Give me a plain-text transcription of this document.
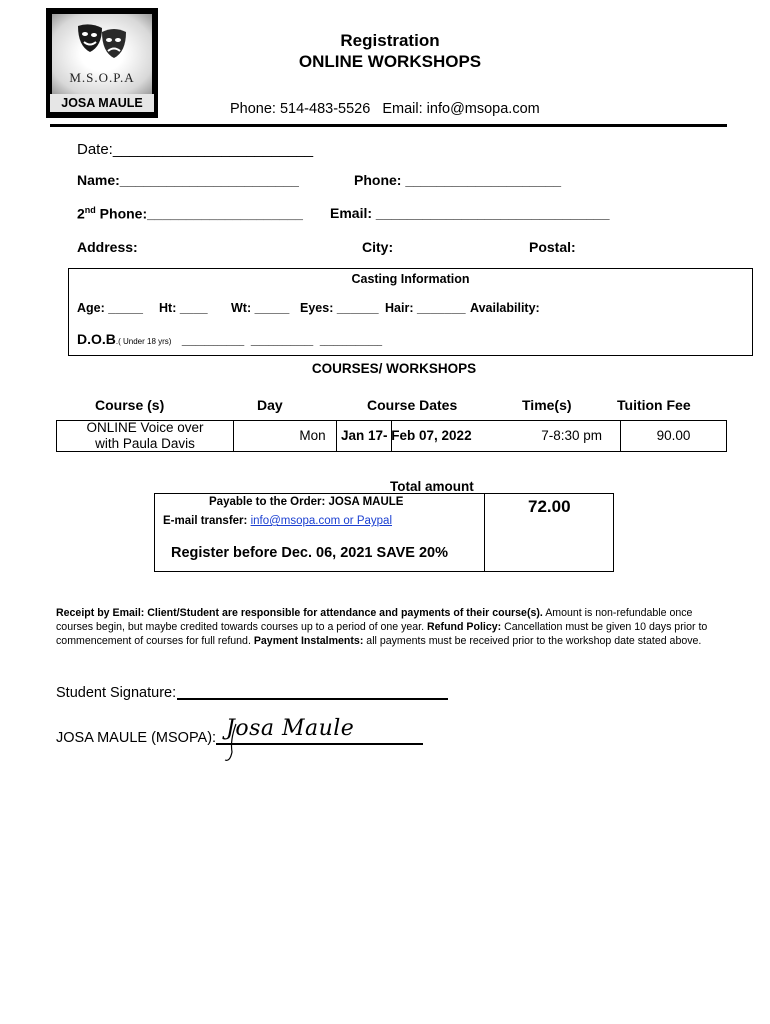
M.S.O.P.A
JOSA MAULE
Registration
ONLINE WORKSHOPS
Phone: 514-483-5526   Email: info@msopa.com
Date:________________________
Name:_______________________	Phone: ____________________
2nd Phone:____________________ Email: ______________________________
Address:	City:	Postal:
Casting Information
Age: _____ Ht: ____ Wt: _____ Eyes: ______ Hair: _______ Availability:
D.O.B.( Under 18 yrs) ______________   ______________   ______________
COURSES/ WORKSHOPS
Course (s)	Day	Course Dates	Time(s)	Tuition Fee
ONLINE Voice over
with Paula Davis
Mon	Jan 17- Feb 07, 2022	7-8:30 pm	90.00
Total amount
Payable to the Order: JOSA MAULE
E-mail transfer: info@msopa.com or Paypal
Register before Dec. 06, 2021 SAVE 20%
72.00
Receipt by Email: Client/Student are responsible for attendance and payments of their course(s). Amount is non-refundable once courses begin, but maybe credited towards courses up to a period of one year. Refund Policy: Cancellation must be given 10 days prior to commencement of courses for full refund. Payment Instalments: all payments must be received prior to the workshop date stated above.
Student Signature:
JOSA MAULE (MSOPA): Josa Maule
